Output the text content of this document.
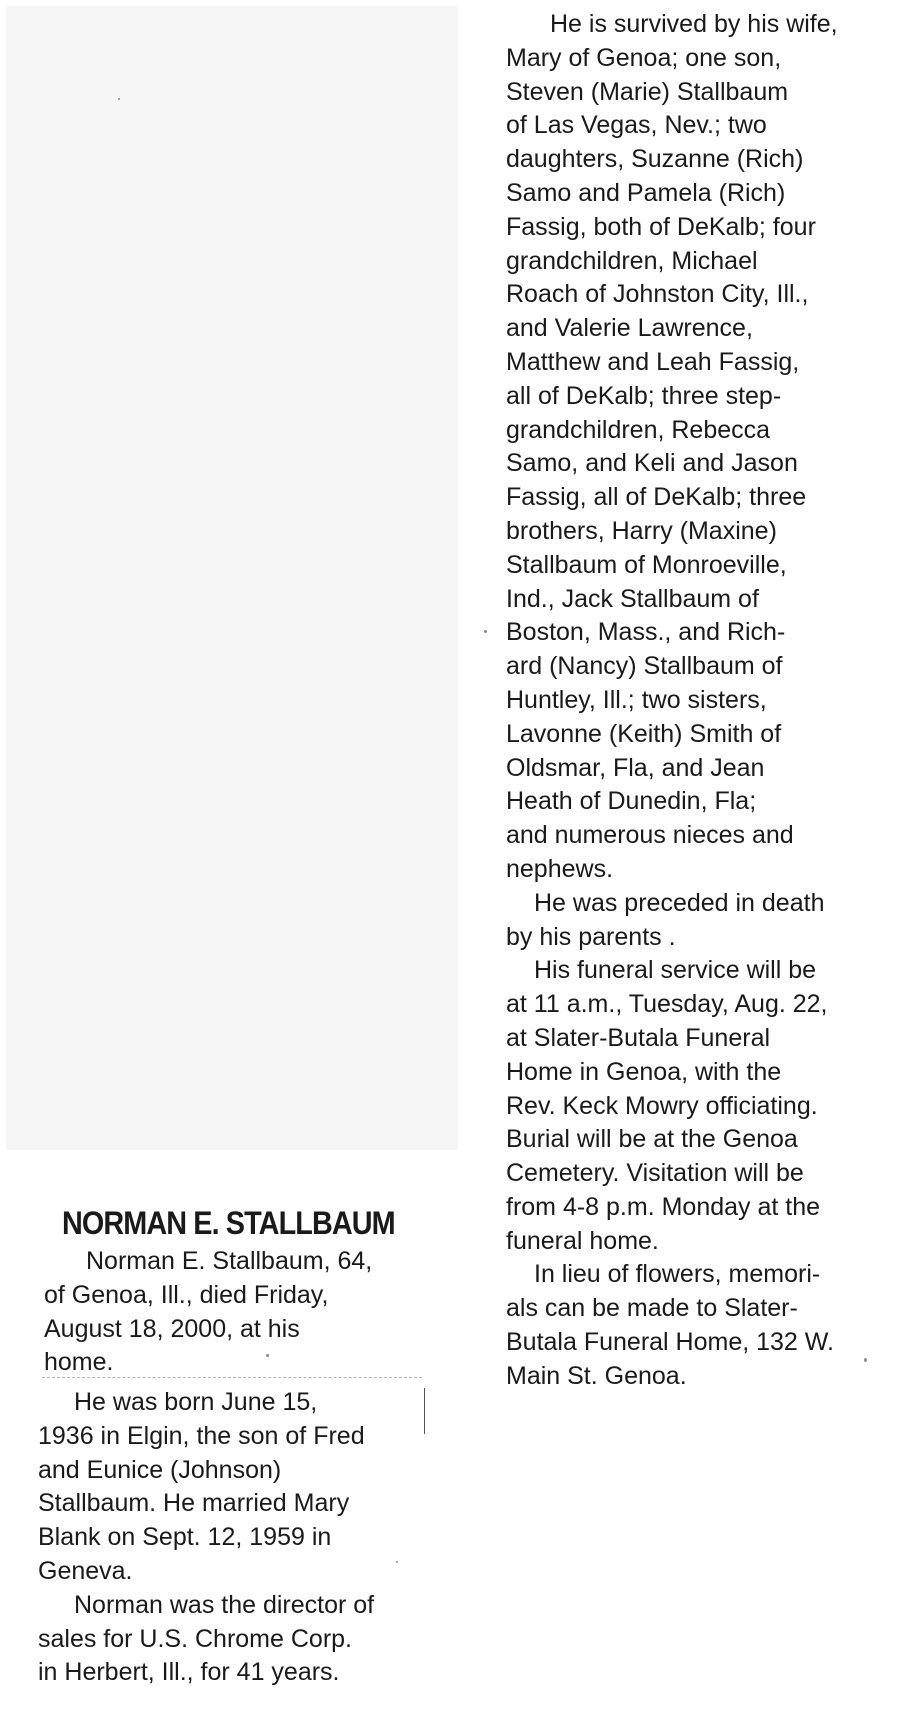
He is survived by his wife,
Mary of Genoa; one son,
Steven (Marie) Stallbaum
of Las Vegas, Nev.; two
daughters, Suzanne (Rich)
Samo and Pamela (Rich)
Fassig, both of DeKalb; four
grandchildren, Michael
Roach of Johnston City, Ill.,
and Valerie Lawrence,
Matthew and Leah Fassig,
all of DeKalb; three step-
grandchildren, Rebecca
Samo, and Keli and Jason
Fassig, all of DeKalb; three
brothers, Harry (Maxine)
Stallbaum of Monroeville,
Ind., Jack Stallbaum of
Boston, Mass., and Rich-
ard (Nancy) Stallbaum of
Huntley, Ill.; two sisters,
Lavonne (Keith) Smith of
Oldsmar, Fla, and Jean
Heath of Dunedin, Fla;
and numerous nieces and
nephews.

He was preceded in death
by his parents .

His funeral service will be
at 11 a.m., Tuesday, Aug. 22,
at Slater-Butala Funeral
Home in Genoa, with the
Rev. Keck Mowry officiating.
Burial will be at the Genoa
Cemetery. Visitation will be
from 4-8 p.m. Monday at the
funeral home.

In lieu of flowers, memori-
als can be made to Slater-
Butala Funeral Home, 132 W.
Main St. Genoa.

NORMAN E. STALLBAUM

Norman E. Stallbaum, 64,
of Genoa, Ill., died Friday,
August 18, 2000, at his
home.

He was born June 15,
1936 in Elgin, the son of Fred
and Eunice (Johnson)
Stallbaum. He married Mary
Blank on Sept. 12, 1959 in
Geneva.

Norman was the director of
sales for U.S. Chrome Corp.
in Herbert, Ill., for 41 years.
